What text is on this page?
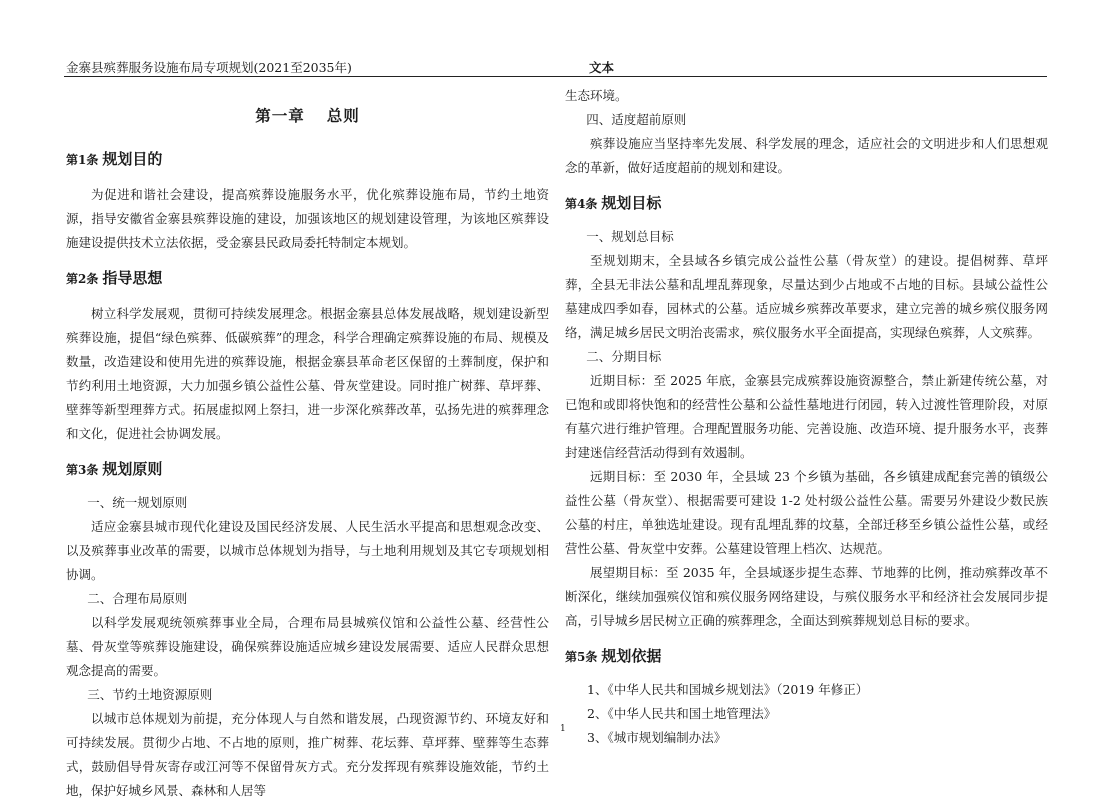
金寨县殡葬服务设施布局专项规划(2021至2035年)	文本
第一章 总则
第1条 规划目的

为促进和谐社会建设，提高殡葬设施服务水平，优化殡葬设施布局，节约土地资源，指导安徽省金寨县殡葬设施的建设，加强该地区的规划建设管理，为该地区殡葬设施建设提供技术立法依据，受金寨县民政局委托特制定本规划。

第2条 指导思想

树立科学发展观，贯彻可持续发展理念。根据金寨县总体发展战略，规划建设新型殡葬设施，提倡“绿色殡葬、低碳殡葬”的理念，科学合理确定殡葬设施的布局、规模及数量，改造建设和使用先进的殡葬设施，根据金寨县革命老区保留的土葬制度，保护和节约利用土地资源，大力加强乡镇公益性公墓、骨灰堂建设。同时推广树葬、草坪葬、壁葬等新型理葬方式。拓展虚拟网上祭扫，进一步深化殡葬改革，弘扬先进的殡葬理念和文化，促进社会协调发展。

第3条 规划原则

一、统一规划原则

适应金寨县城市现代化建设及国民经济发展、人民生活水平提高和思想观念改变、以及殡葬事业改革的需要，以城市总体规划为指导，与土地利用规划及其它专项规划相协调。

二、合理布局原则

以科学发展观统领殡葬事业全局，合理布局县城殡仪馆和公益性公墓、经营性公墓、骨灰堂等殡葬设施建设，确保殡葬设施适应城乡建设发展需要、适应人民群众思想观念提高的需要。

三、节约土地资源原则

以城市总体规划为前提，充分体现人与自然和谐发展，凸现资源节约、环境友好和可持续发展。贯彻少占地、不占地的原则，推广树葬、花坛葬、草坪葬、壁葬等生态葬式，鼓励倡导骨灰寄存或江河等不保留骨灰方式。充分发挥现有殡葬设施效能，节约土地，保护好城乡风景、森林和人居等

生态环境。

四、适度超前原则

殡葬设施应当坚持率先发展、科学发展的理念，适应社会的文明进步和人们思想观念的革新，做好适度超前的规划和建设。

第4条 规划目标

一、规划总目标

至规划期末，全县域各乡镇完成公益性公墓（骨灰堂）的建设。提倡树葬、草坪葬，全县无非法公墓和乱埋乱葬现象，尽量达到少占地或不占地的目标。县域公益性公墓建成四季如春，园林式的公墓。适应城乡殡葬改革要求，建立完善的城乡殡仪服务网络，满足城乡居民文明治丧需求，殡仪服务水平全面提高，实现绿色殡葬，人文殡葬。

二、分期目标

近期目标：至 2025 年底，金寨县完成殡葬设施资源整合，禁止新建传统公墓，对已饱和或即将快饱和的经营性公墓和公益性墓地进行闭园，转入过渡性管理阶段，对原有墓穴进行维护管理。合理配置服务功能、完善设施、改造环境、提升服务水平，丧葬封建迷信经营活动得到有效遏制。

远期目标：至 2030 年，全县域 23 个乡镇为基础，各乡镇建成配套完善的镇级公益性公墓（骨灰堂）、根据需要可建设 1-2 处村级公益性公墓。需要另外建设少数民族公墓的村庄，单独选址建设。现有乱埋乱葬的坟墓，全部迁移至乡镇公益性公墓，或经营性公墓、骨灰堂中安葬。公墓建设管理上档次、达规范。

展望期目标：至 2035 年，全县域逐步提生态葬、节地葬的比例，推动殡葬改革不断深化，继续加强殡仪馆和殡仪服务网络建设，与殡仪服务水平和经济社会发展同步提高，引导城乡居民树立正确的殡葬理念，全面达到殡葬规划总目标的要求。

第5条 规划依据
1、《中华人民共和国城乡规划法》（2019 年修正）
2、《中华人民共和国土地管理法》
3、《城市规划编制办法》
1
